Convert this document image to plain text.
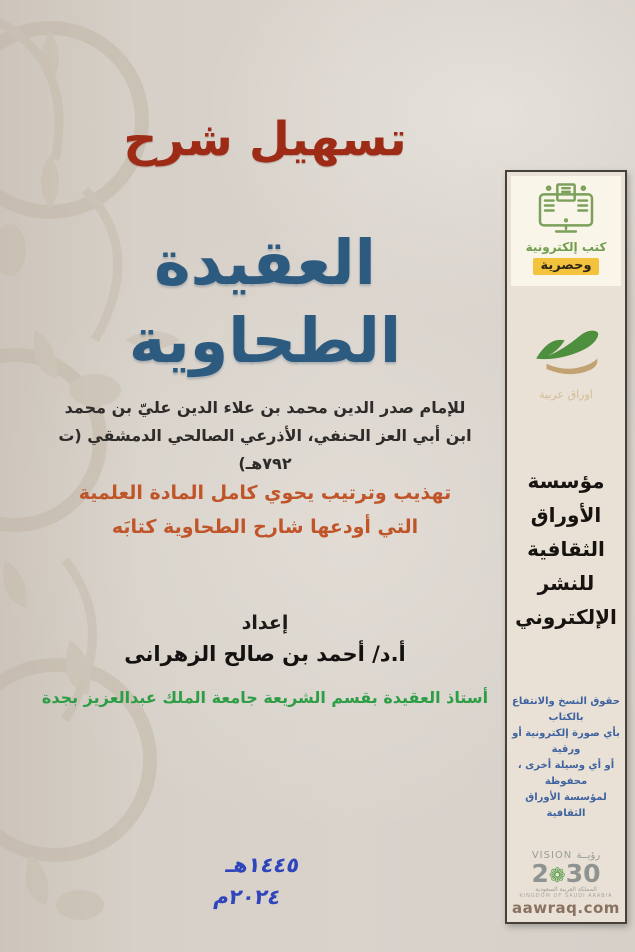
تسهيل شرح
العقيدة الطحاوية
للإمام صدر الدين محمد بن علاء الدين عليّ بن محمد
ابن أبي العز الحنفي، الأذرعي الصالحي الدمشقي (ت ٧٩٢هـ)
تهذيب وترتيب يحوي كامل المادة العلمية
التي أودعها شارح الطحاوية كتابَه
إعداد
أ.د/ أحمد بن صالح الزهرانى
أستاذ العقيدة بقسم الشريعة جامعة الملك عبدالعزيز بجدة
١٤٤٥هـ
٢٠٢٤م
كتب إلكترونية
وحصرية
اوراق عربية
مؤسسة
الأوراق
الثقافية
للنشر
الإلكتروني
حقوق النسخ والانتفاع بالكتاب
بأي صورة إلكترونية أو ورقية
أو أي وسيلة أخرى ، محفوظة
لمؤسسة الأوراق الثقافية
VISION رؤيــة
2❁30
المملكة العربية السعودية
KINGDOM OF SAUDI ARABIA
aawraq.com
